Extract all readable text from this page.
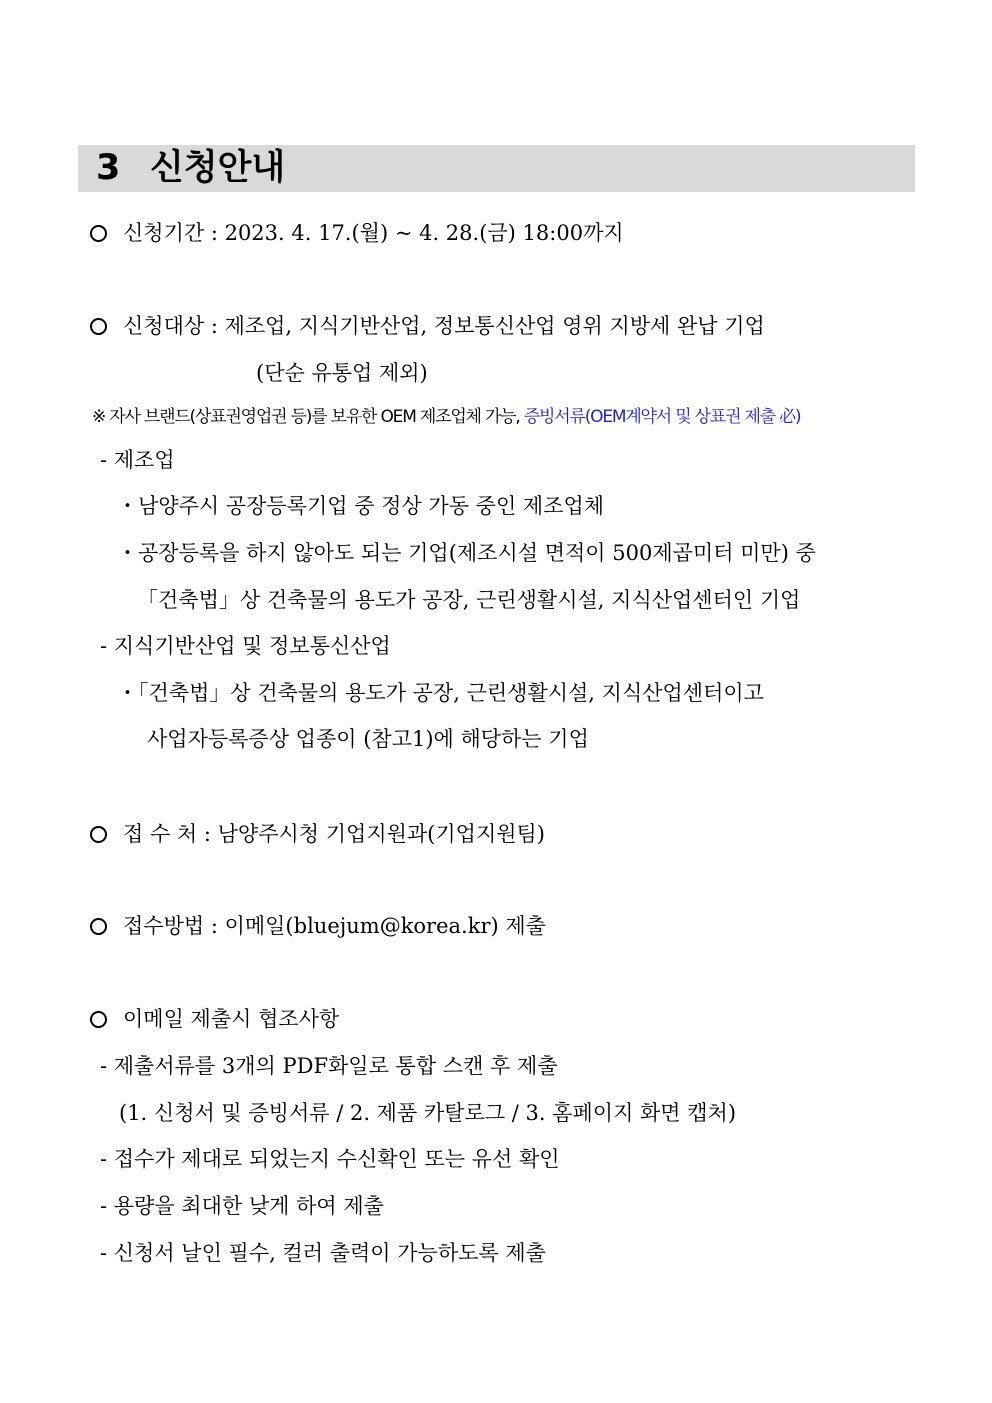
3 신청안내
신청기간 : 2023. 4. 17.(월) ~ 4. 28.(금) 18:00까지
신청대상 : 제조업, 지식기반산업, 정보통신산업 영위 지방세 완납 기업
(단순 유통업 제외)
※ 자사 브랜드(상표권영업권 등)를 보유한 OEM 제조업체 가능, 증빙서류(OEM계약서 및 상표권 제출 必)
- 제조업
・남양주시 공장등록기업 중 정상 가동 중인 제조업체
・공장등록을 하지 않아도 되는 기업(제조시설 면적이 500제곱미터 미만) 중
「건축법」상 건축물의 용도가 공장, 근린생활시설, 지식산업센터인 기업
- 지식기반산업 및 정보통신산업
・「건축법」상 건축물의 용도가 공장, 근린생활시설, 지식산업센터이고
사업자등록증상 업종이 (참고1)에 해당하는 기업
접 수 처 : 남양주시청 기업지원과(기업지원팀)
접수방법 : 이메일(bluejum@korea.kr) 제출
이메일 제출시 협조사항
- 제출서류를 3개의 PDF화일로 통합 스캔 후 제출
(1. 신청서 및 증빙서류 / 2. 제품 카탈로그 / 3. 홈페이지 화면 캡처)
- 접수가 제대로 되었는지 수신확인 또는 유선 확인
- 용량을 최대한 낮게 하여 제출
- 신청서 날인 필수, 컬러 출력이 가능하도록 제출
